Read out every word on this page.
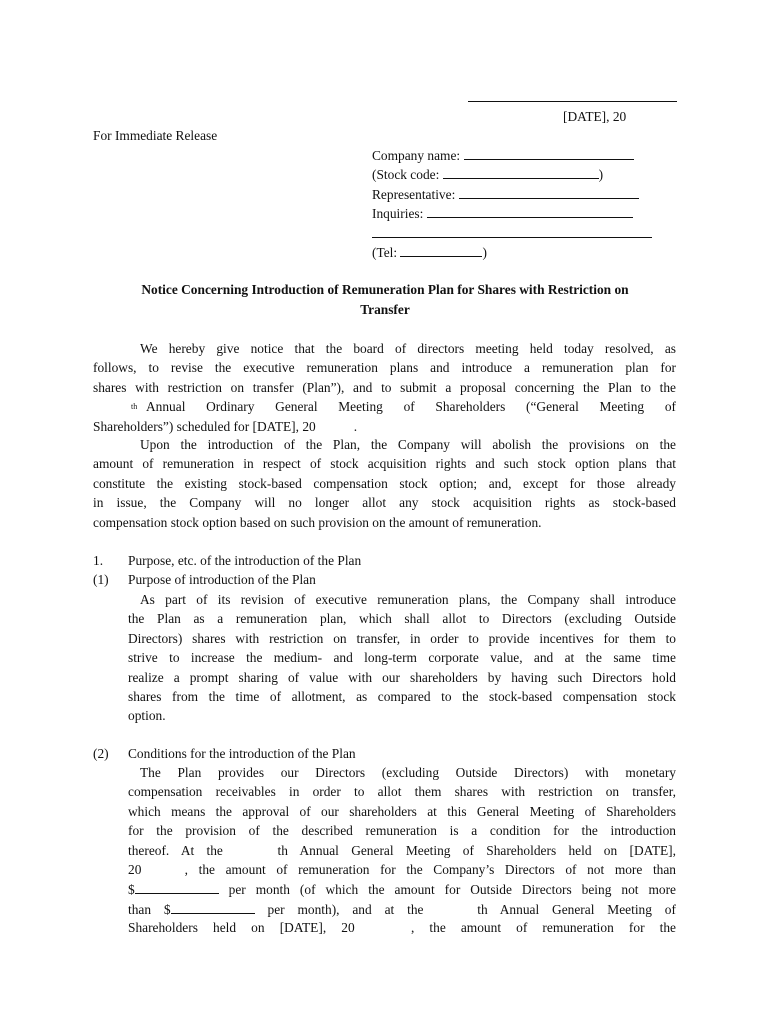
[DATE], 20
For Immediate Release
Company name:
(Stock code:	)
Representative:
Inquiries:
(Tel:	)
Notice Concerning Introduction of Remuneration Plan for Shares with Restriction on
Transfer
We hereby give notice that the board of directors meeting held today resolved, as
follows, to revise the executive remuneration plans and introduce a remuneration plan for
shares with restriction on transfer (Plan”), and to submit a proposal concerning the Plan to the
th Annual Ordinary General Meeting of Shareholders (“General Meeting of
Shareholders”) scheduled for [DATE], 20	.
Upon the introduction of the Plan, the Company will abolish the provisions on the
amount of remuneration in respect of stock acquisition rights and such stock option plans that
constitute the existing stock-based compensation stock option; and, except for those already
in issue, the Company will no longer allot any stock acquisition rights as stock-based
compensation stock option based on such provision on the amount of remuneration.
1. Purpose, etc. of the introduction of the Plan
(1) Purpose of introduction of the Plan
As part of its revision of executive remuneration plans, the Company shall introduce
the Plan as a remuneration plan, which shall allot to Directors (excluding Outside
Directors) shares with restriction on transfer, in order to provide incentives for them to
strive to increase the medium- and long-term corporate value, and at the same time
realize a prompt sharing of value with our shareholders by having such Directors hold
shares from the time of allotment, as compared to the stock-based compensation stock
option.
(2) Conditions for the introduction of the Plan
The Plan provides our Directors (excluding Outside Directors) with monetary
compensation receivables in order to allot them shares with restriction on transfer,
which means the approval of our shareholders at this General Meeting of Shareholders
for the provision of the described remuneration is a condition for the introduction
thereof. At the	th Annual General Meeting of Shareholders held on [DATE],
20	, the amount of remuneration for the Company’s Directors of not more than
$	per month (of which the amount for Outside Directors being not more
than $	per month), and at the	th Annual General Meeting of
Shareholders held on [DATE], 20	, the amount of remuneration for the
